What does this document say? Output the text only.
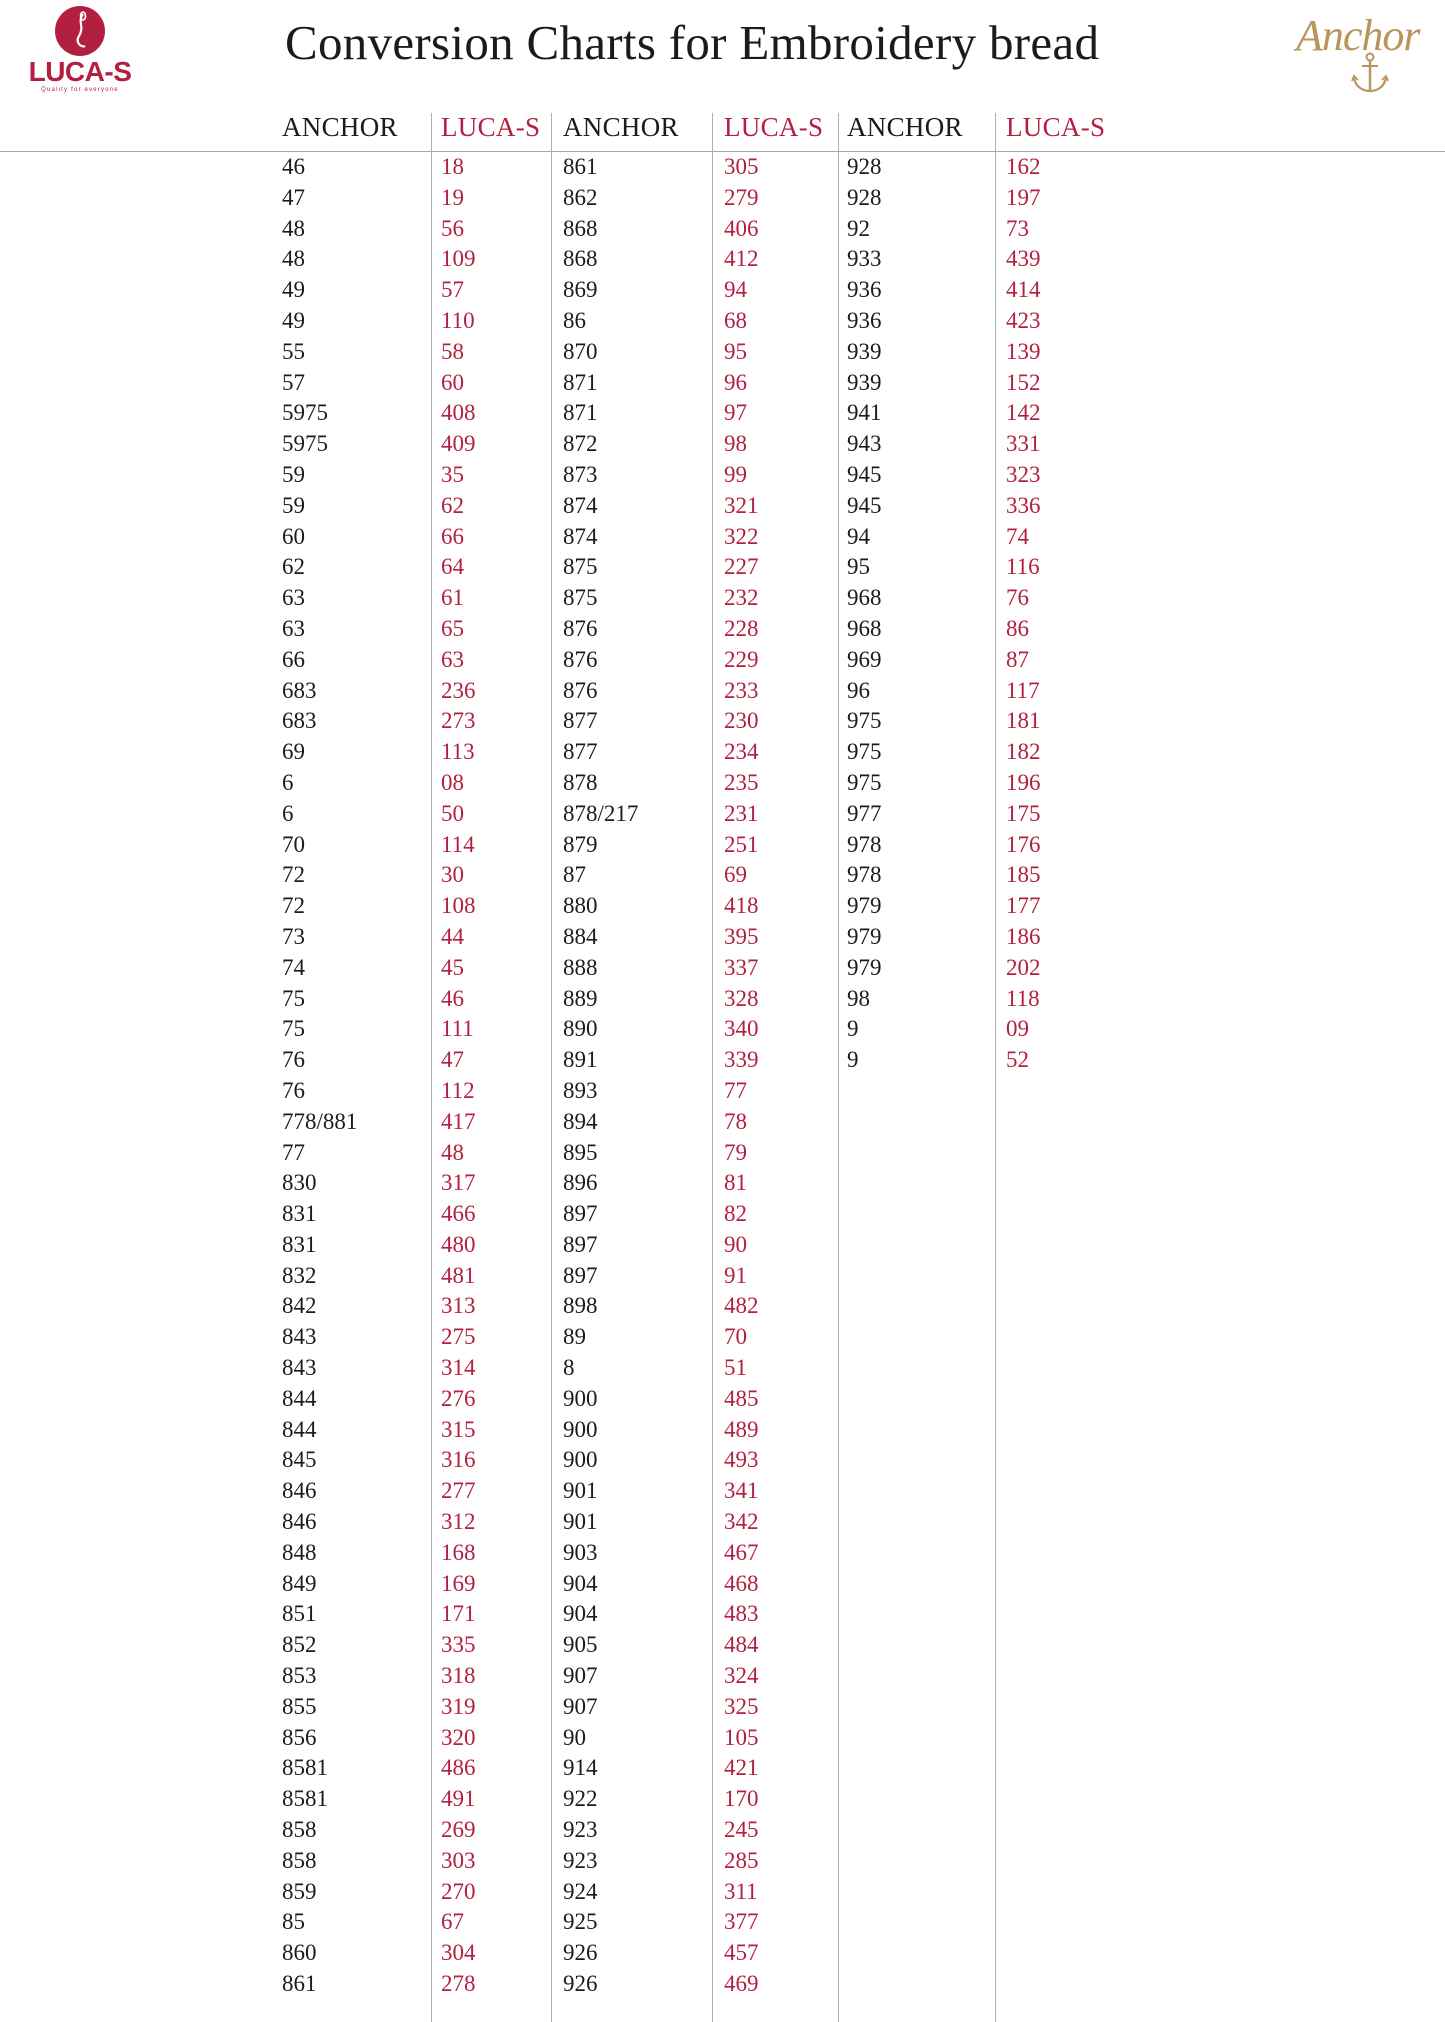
LUCA-S
Quality for everyone
Conversion Charts for Embroidery bread	Anchor
ANCHOR
46
47
48
48
49
49
55
57
5975
5975
59
59
60
62
63
63
66
683
683
69
6
6
70
72
72
73
74
75
75
76
76
778/881
77
830
831
831
832
842
843
843
844
844
845
846
846
848
849
851
852
853
855
856
8581
8581
858
858
859
85
860
861
LUCA-S
18
19
56
109
57
110
58
60
408
409
35
62
66
64
61
65
63
236
273
113
08
50
114
30
108
44
45
46
111
47
112
417
48
317
466
480
481
313
275
314
276
315
316
277
312
168
169
171
335
318
319
320
486
491
269
303
270
67
304
278
ANCHOR
861
862
868
868
869
86
870
871
871
872
873
874
874
875
875
876
876
876
877
877
878
878/217
879
87
880
884
888
889
890
891
893
894
895
896
897
897
897
898
89
8
900
900
900
901
901
903
904
904
905
907
907
90
914
922
923
923
924
925
926
926
LUCA-S
305
279
406
412
94
68
95
96
97
98
99
321
322
227
232
228
229
233
230
234
235
231
251
69
418
395
337
328
340
339
77
78
79
81
82
90
91
482
70
51
485
489
493
341
342
467
468
483
484
324
325
105
421
170
245
285
311
377
457
469
ANCHOR
928
928
92
933
936
936
939
939
941
943
945
945
94
95
968
968
969
96
975
975
975
977
978
978
979
979
979
98
9
9
LUCA-S
162
197
73
439
414
423
139
152
142
331
323
336
74
116
76
86
87
117
181
182
196
175
176
185
177
186
202
118
09
52
